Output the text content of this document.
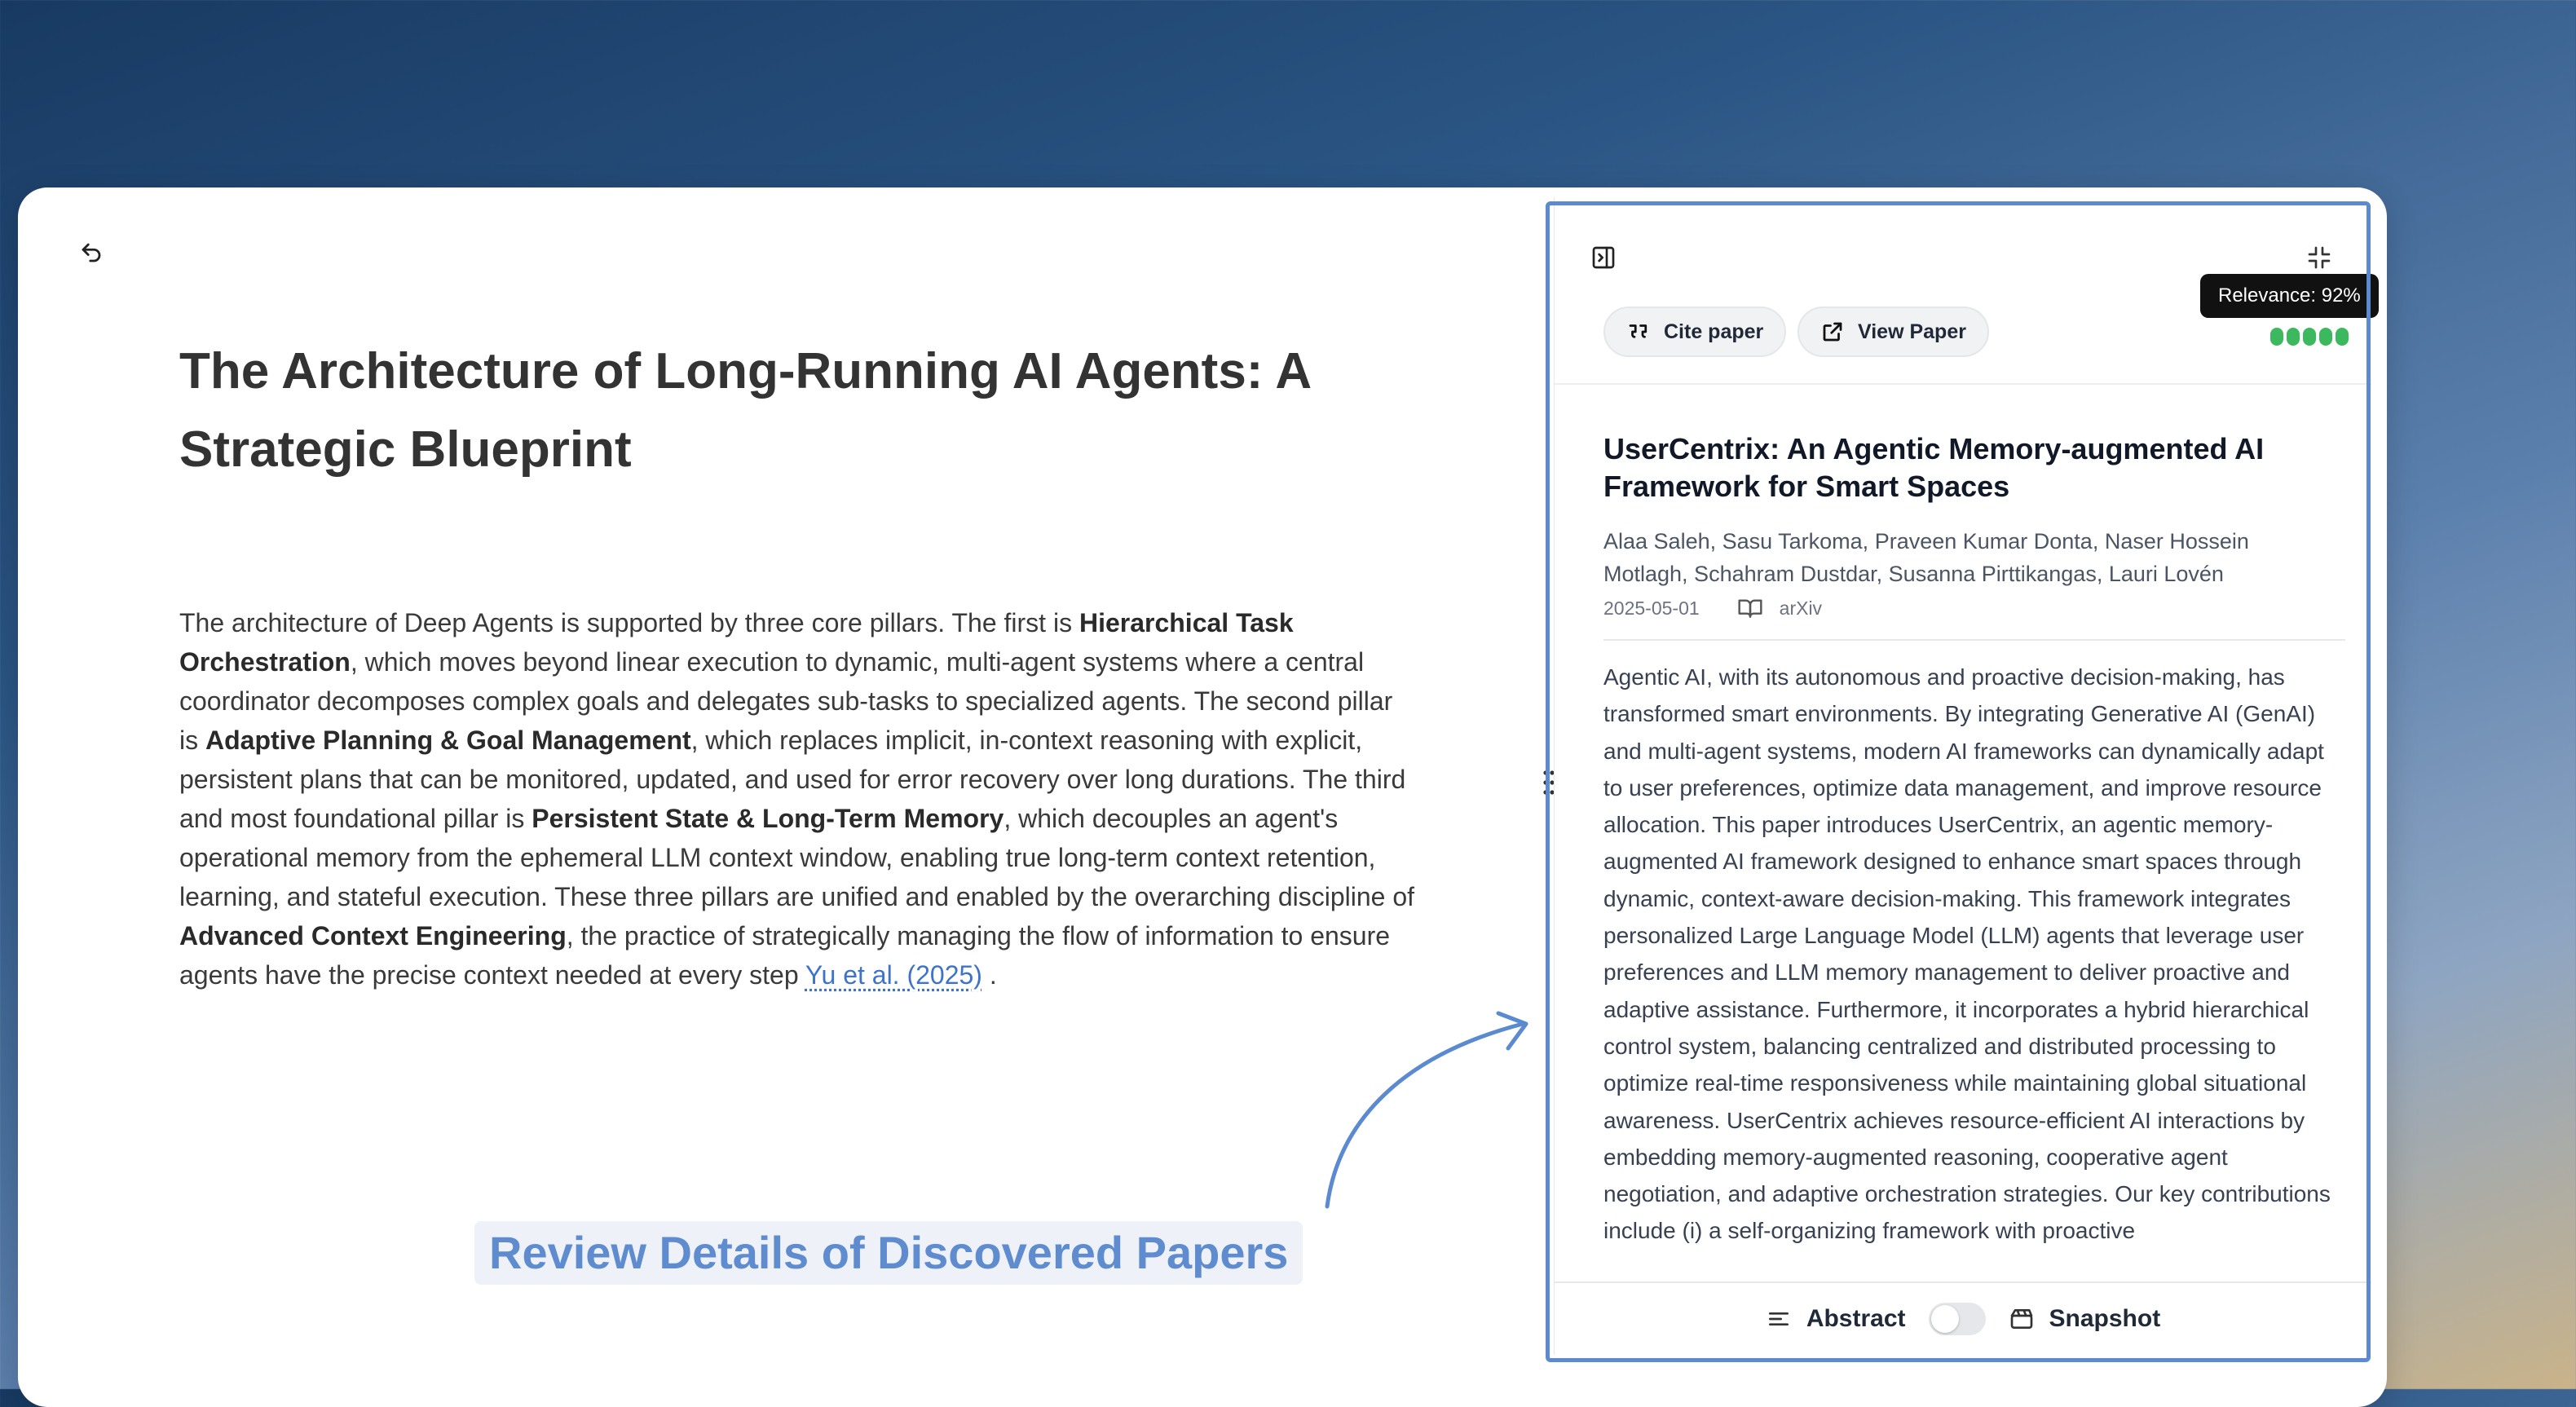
The Architecture of Long-Running AI Agents: A Strategic Blueprint

The architecture of Deep Agents is supported by three core pillars. The first is Hierarchical Task Orchestration, which moves beyond linear execution to dynamic, multi-agent systems where a central coordinator decomposes complex goals and delegates sub-tasks to specialized agents. The second pillar is Adaptive Planning & Goal Management, which replaces implicit, in-context reasoning with explicit, persistent plans that can be monitored, updated, and used for error recovery over long durations. The third and most foundational pillar is Persistent State & Long-Term Memory, which decouples an agent's operational memory from the ephemeral LLM context window, enabling true long-term context retention, learning, and stateful execution. These three pillars are unified and enabled by the overarching discipline of Advanced Context Engineering, the practice of strategically managing the flow of information to ensure agents have the precise context needed at every step Yu et al. (2025) .

Review Details of Discovered Papers
Cite paper	View Paper
Relevance: 92%
UserCentrix: An Agentic Memory-augmented AI Framework for Smart Spaces

Alaa Saleh, Sasu Tarkoma, Praveen Kumar Donta, Naser Hossein Motlagh, Schahram Dustdar, Susanna Pirttikangas, Lauri Lovén

2025-05-01	arXiv

Agentic AI, with its autonomous and proactive decision-making, has transformed smart environments. By integrating Generative AI (GenAI) and multi-agent systems, modern AI frameworks can dynamically adapt to user preferences, optimize data management, and improve resource allocation. This paper introduces UserCentrix, an agentic memory-augmented AI framework designed to enhance smart spaces through dynamic, context-aware decision-making. This framework integrates personalized Large Language Model (LLM) agents that leverage user preferences and LLM memory management to deliver proactive and adaptive assistance. Furthermore, it incorporates a hybrid hierarchical control system, balancing centralized and distributed processing to optimize real-time responsiveness while maintaining global situational awareness. UserCentrix achieves resource-efficient AI interactions by embedding memory-augmented reasoning, cooperative agent negotiation, and adaptive orchestration strategies. Our key contributions include (i) a self-organizing framework with proactive

Abstract	Snapshot
